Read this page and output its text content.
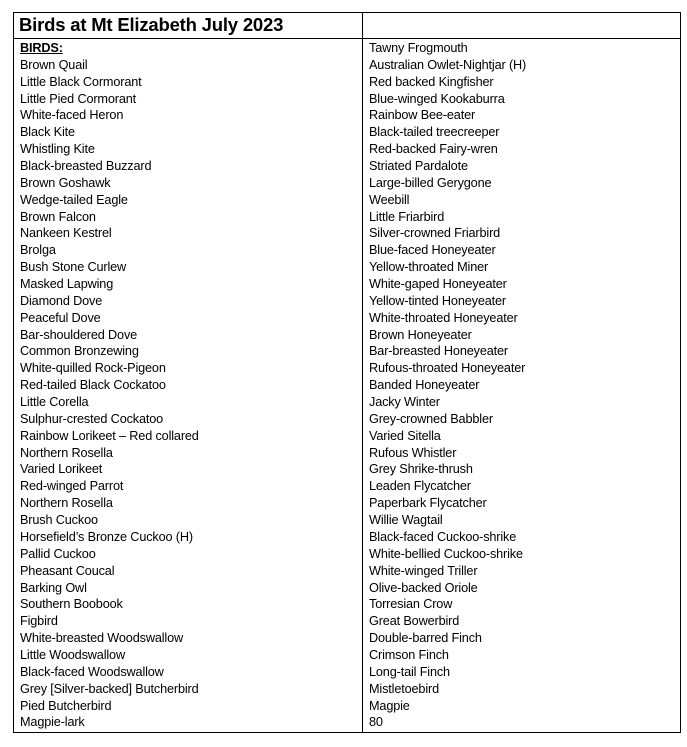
Birds at Mt Elizabeth July 2023
BIRDS:
Brown Quail
Little Black Cormorant
Little Pied Cormorant
White-faced Heron
Black Kite
Whistling Kite
Black-breasted Buzzard
Brown Goshawk
Wedge-tailed Eagle
Brown Falcon
Nankeen Kestrel
Brolga
Bush Stone Curlew
Masked Lapwing
Diamond Dove
Peaceful Dove
Bar-shouldered Dove
Common Bronzewing
White-quilled Rock-Pigeon
Red-tailed Black Cockatoo
Little Corella
Sulphur-crested Cockatoo
Rainbow Lorikeet – Red collared
Northern Rosella
Varied Lorikeet
Red-winged Parrot
Northern Rosella
Brush Cuckoo
Horsefield’s Bronze Cuckoo (H)
Pallid Cuckoo
Pheasant Coucal
Barking Owl
Southern Boobook
Figbird
White-breasted Woodswallow
Little Woodswallow
Black-faced Woodswallow
Grey [Silver-backed] Butcherbird
Pied Butcherbird
Magpie-lark
Tawny Frogmouth
Australian Owlet-Nightjar (H)
Red backed Kingfisher
Blue-winged Kookaburra
Rainbow Bee-eater
Black-tailed treecreeper
Red-backed Fairy-wren
Striated Pardalote
Large-billed Gerygone
Weebill
Little Friarbird
Silver-crowned Friarbird
Blue-faced Honeyeater
Yellow-throated Miner
White-gaped Honeyeater
Yellow-tinted Honeyeater
White-throated Honeyeater
Brown Honeyeater
Bar-breasted Honeyeater
Rufous-throated Honeyeater
Banded Honeyeater
Jacky Winter
Grey-crowned Babbler
Varied Sitella
Rufous Whistler
Grey Shrike-thrush
Leaden Flycatcher
Paperbark Flycatcher
Willie Wagtail
Black-faced Cuckoo-shrike
White-bellied Cuckoo-shrike
White-winged Triller
Olive-backed Oriole
Torresian Crow
Great Bowerbird
Double-barred Finch
Crimson Finch
Long-tail Finch
Mistletoebird
Magpie
80
